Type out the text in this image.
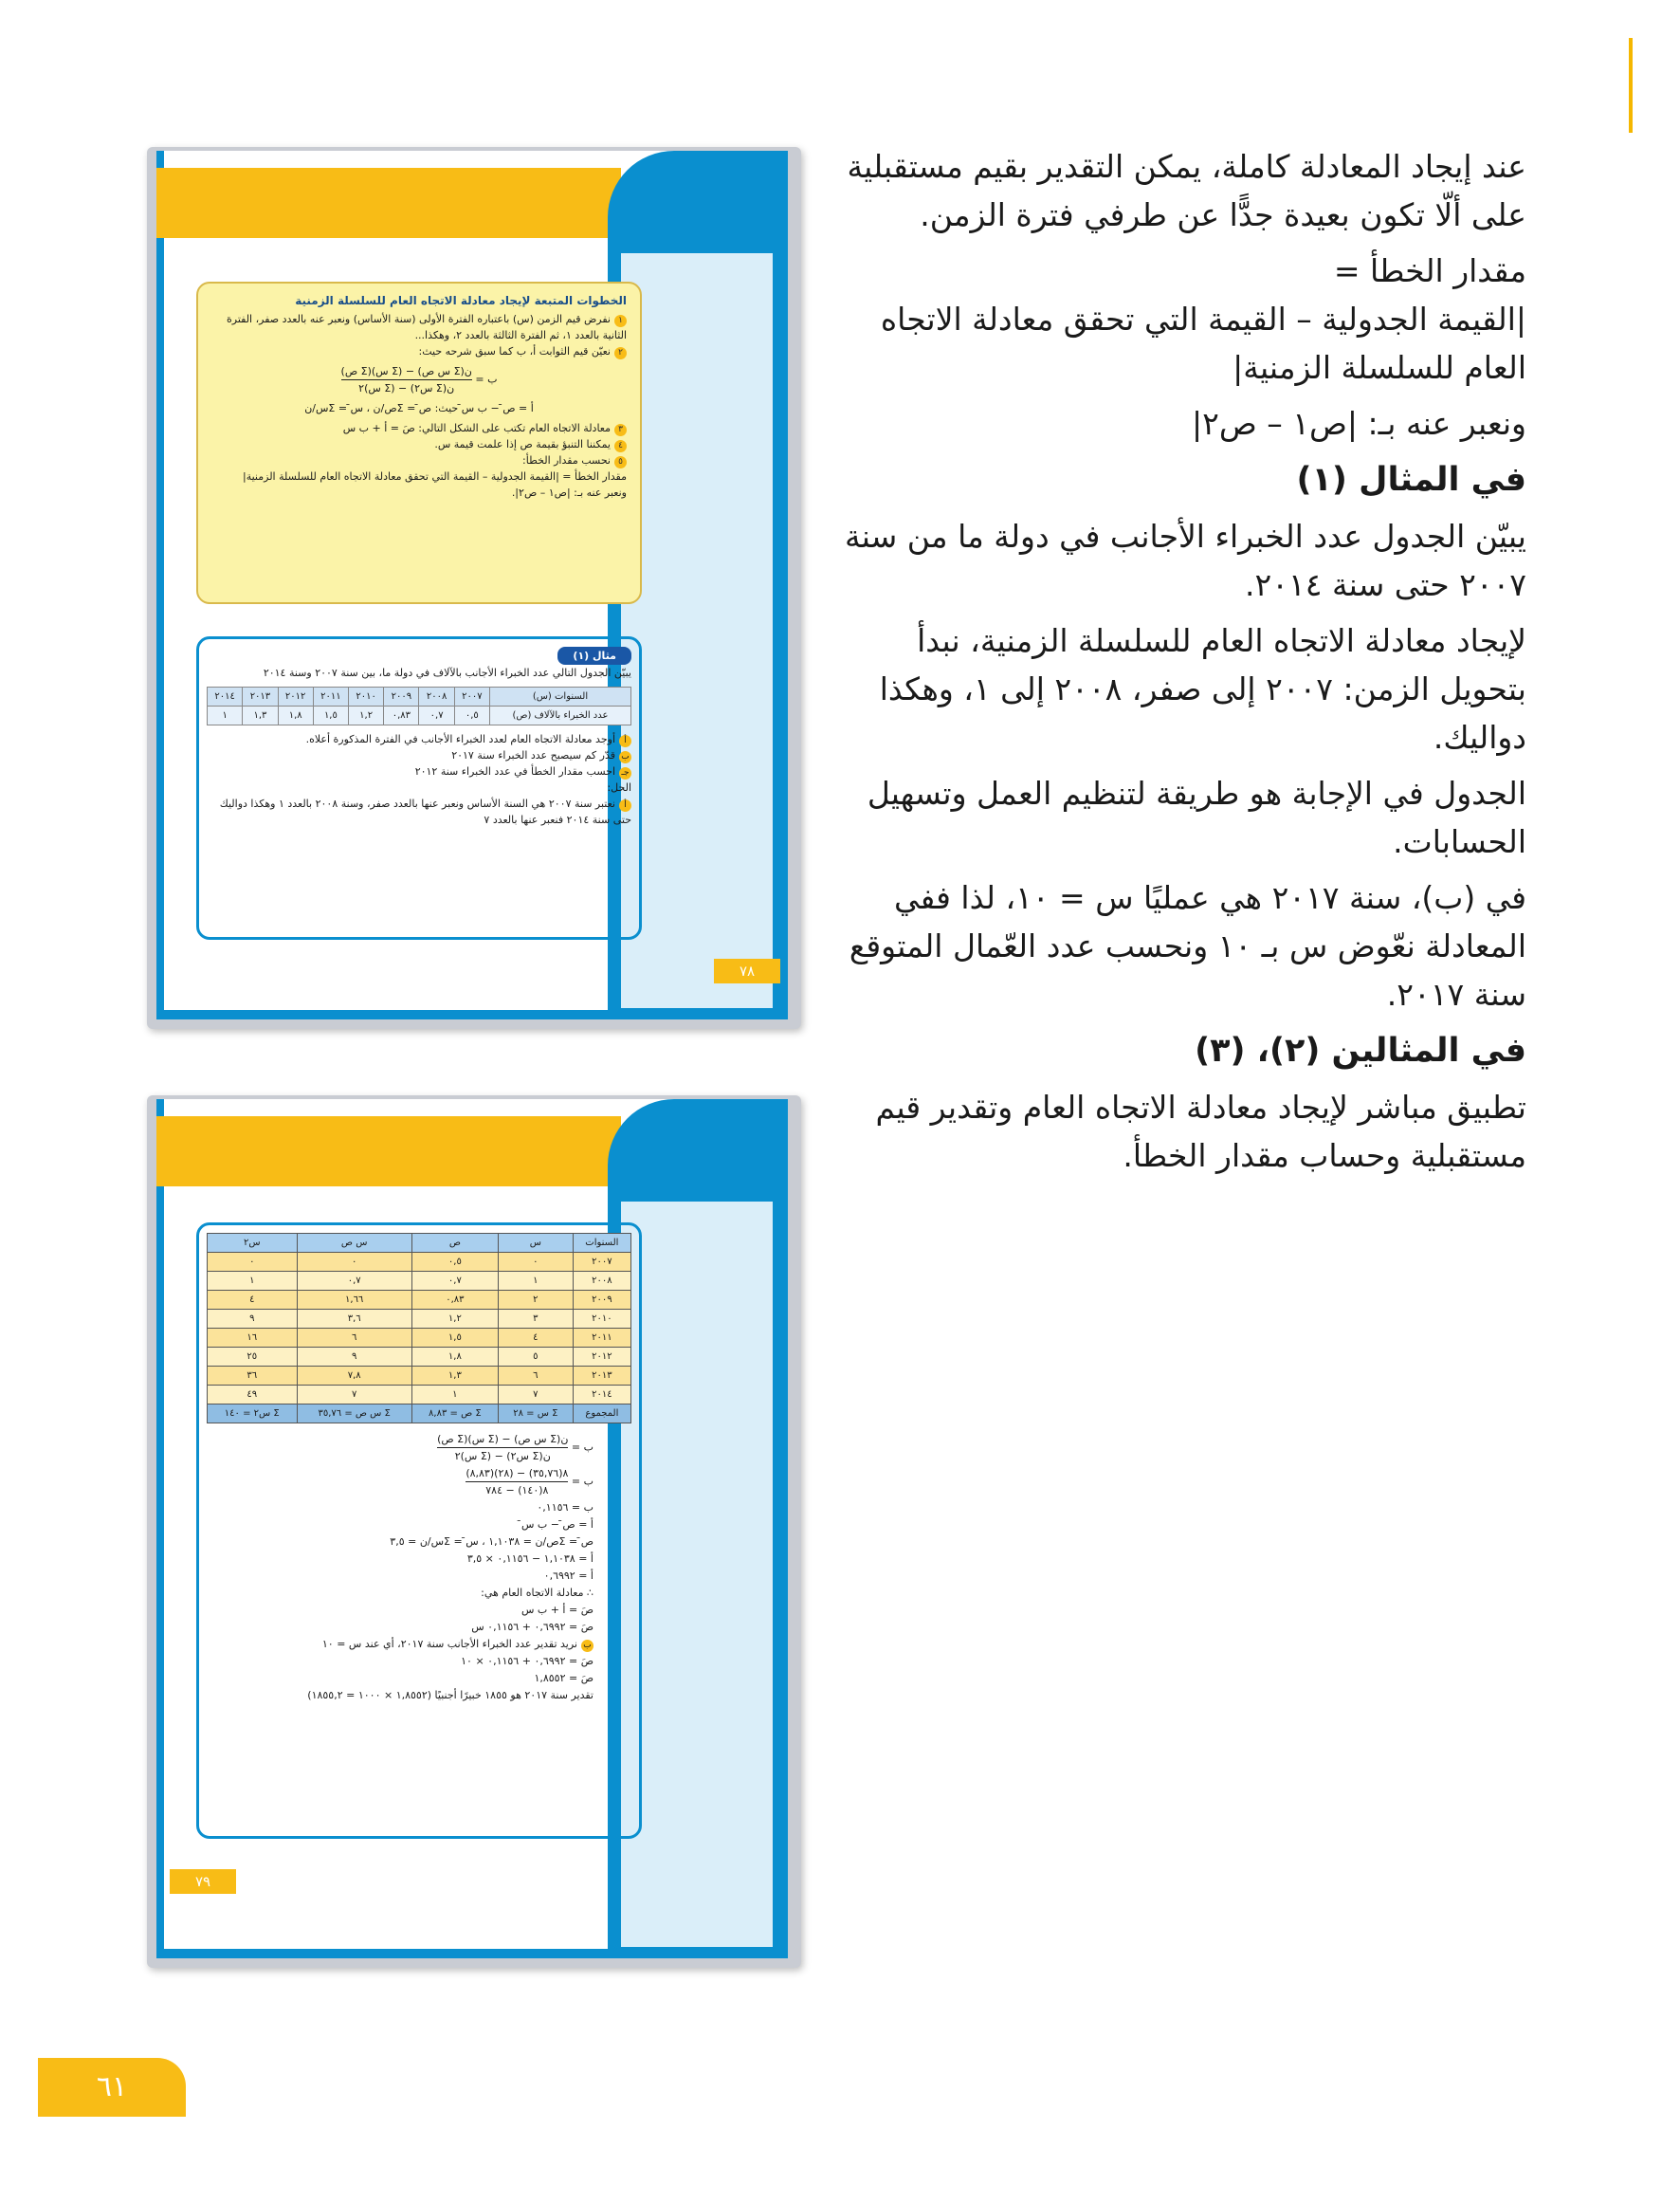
عند إيجاد المعادلة كاملة، يمكن التقدير بقيم مستقبلية على ألّا تكون بعيدة جدًّا عن طرفي فترة الزمن.

مقدار الخطأ =

|القيمة الجدولية – القيمة التي تحقق معادلة الاتجاه العام للسلسلة الزمنية|

ونعبر عنه بـ: |ص١ – ص٢|

في المثال (١)

يبيّن الجدول عدد الخبراء الأجانب في دولة ما من سنة ٢٠٠٧ حتى سنة ٢٠١٤.

لإيجاد معادلة الاتجاه العام للسلسلة الزمنية، نبدأ بتحويل الزمن: ٢٠٠٧ إلى صفر، ٢٠٠٨ إلى ١، وهكذا دواليك.

الجدول في الإجابة هو طريقة لتنظيم العمل وتسهيل الحسابات.

في (ب)، سنة ٢٠١٧ هي عمليًا س = ١٠، لذا ففي المعادلة نعّوض س بـ ١٠ ونحسب عدد العّمال المتوقع سنة ٢٠١٧.

في المثالين (٢)، (٣)

تطبيق مباشر لإيجاد معادلة الاتجاه العام وتقدير قيم مستقبلية وحساب مقدار الخطأ.

الخطوات المتبعة لإيجاد معادلة الاتجاه العام للسلسلة الزمنية
١نفرض قيم الزمن (س) باعتباره الفترة الأولى (سنة الأساس) ونعبر عنه بالعدد صفر، الفترة الثانية بالعدد ١، ثم الفترة الثالثة بالعدد ٢، وهكذا...
٢نعيّن قيم الثوابت أ، ب كما سبق شرحه حيث:
ب =
ن(Σ س ص) − (Σ س)(Σ ص)
ن(Σ س٢) − (Σ س)٢
أ = ص̄ − ب س̄ حيث: ص̄ = Σص/ن ، س̄ = Σس/ن
٣معادلة الاتجاه العام تكتب على الشكل التالي: صَ = أ + ب س
٤يمكننا التنبؤ بقيمة ص إذا علمت قيمة س.
٥نحسب مقدار الخطأ:
مقدار الخطأ = |القيمة الجدولية – القيمة التي تحقق معادلة الاتجاه العام للسلسلة الزمنية|
ونعبر عنه بـ: |ص١ – ص٢|.
مثال (١)
يبيّن الجدول التالي عدد الخبراء الأجانب بالآلاف في دولة ما، بين سنة ٢٠٠٧ وسنة ٢٠١٤
السنوات (س)	٢٠٠٧	٢٠٠٨	٢٠٠٩	٢٠١٠	٢٠١١	٢٠١٢	٢٠١٣	٢٠١٤
عدد الخبراء بالآلاف (ص)	٠,٥	٠,٧	٠,٨٣	١,٢	١,٥	١,٨	١,٣	١
أأوجد معادلة الاتجاه العام لعدد الخبراء الأجانب في الفترة المذكورة أعلاه.
بقدّر كم سيصبح عدد الخبراء سنة ٢٠١٧
جـاحسب مقدار الخطأ في عدد الخبراء سنة ٢٠١٢
الحل:
أنعتبر سنة ٢٠٠٧ هي السنة الأساس ونعبر عنها بالعدد صفر، وسنة ٢٠٠٨ بالعدد ١ وهكذا دواليك حتى سنة ٢٠١٤ فنعبر عنها بالعدد ٧
٧٨
السنوات	س	ص	س ص	س٢
٢٠٠٧	٠	٠,٥	٠	٠
٢٠٠٨	١	٠,٧	٠,٧	١
٢٠٠٩	٢	٠,٨٣	١,٦٦	٤
٢٠١٠	٣	١,٢	٣,٦	٩
٢٠١١	٤	١,٥	٦	١٦
٢٠١٢	٥	١,٨	٩	٢٥
٢٠١٣	٦	١,٣	٧,٨	٣٦
٢٠١٤	٧	١	٧	٤٩
المجموع	Σ س = ٢٨	Σ ص = ٨,٨٣	Σ س ص = ٣٥,٧٦	Σ س٢ = ١٤٠
ب =
ن(Σ س ص) − (Σ س)(Σ ص)
ن(Σ س٢) − (Σ س)٢
ب =
٨(٣٥,٧٦) − (٢٨)(٨,٨٣)
٨(١٤٠) − ٧٨٤
ب = ٠,١١٥٦
أ = ص̄ − ب س̄
ص̄ = Σص/ن = ١,١٠٣٨ ، س̄ = Σس/ن = ٣,٥
أ = ١,١٠٣٨ − ٠,١١٥٦ × ٣,٥
أ = ٠,٦٩٩٢
∴ معادلة الاتجاه العام هي:
صَ = أ + ب س
صَ = ٠,٦٩٩٢ + ٠,١١٥٦ س
بنريد تقدير عدد الخبراء الأجانب سنة ٢٠١٧، أي عند س = ١٠
صَ = ٠,٦٩٩٢ + ٠,١١٥٦ × ١٠
صَ = ١,٨٥٥٢
تقدير سنة ٢٠١٧ هو ١٨٥٥ خبيرًا أجنبيًا (١,٨٥٥٢ × ١٠٠٠ = ١٨٥٥,٢)
٧٩
٦١
